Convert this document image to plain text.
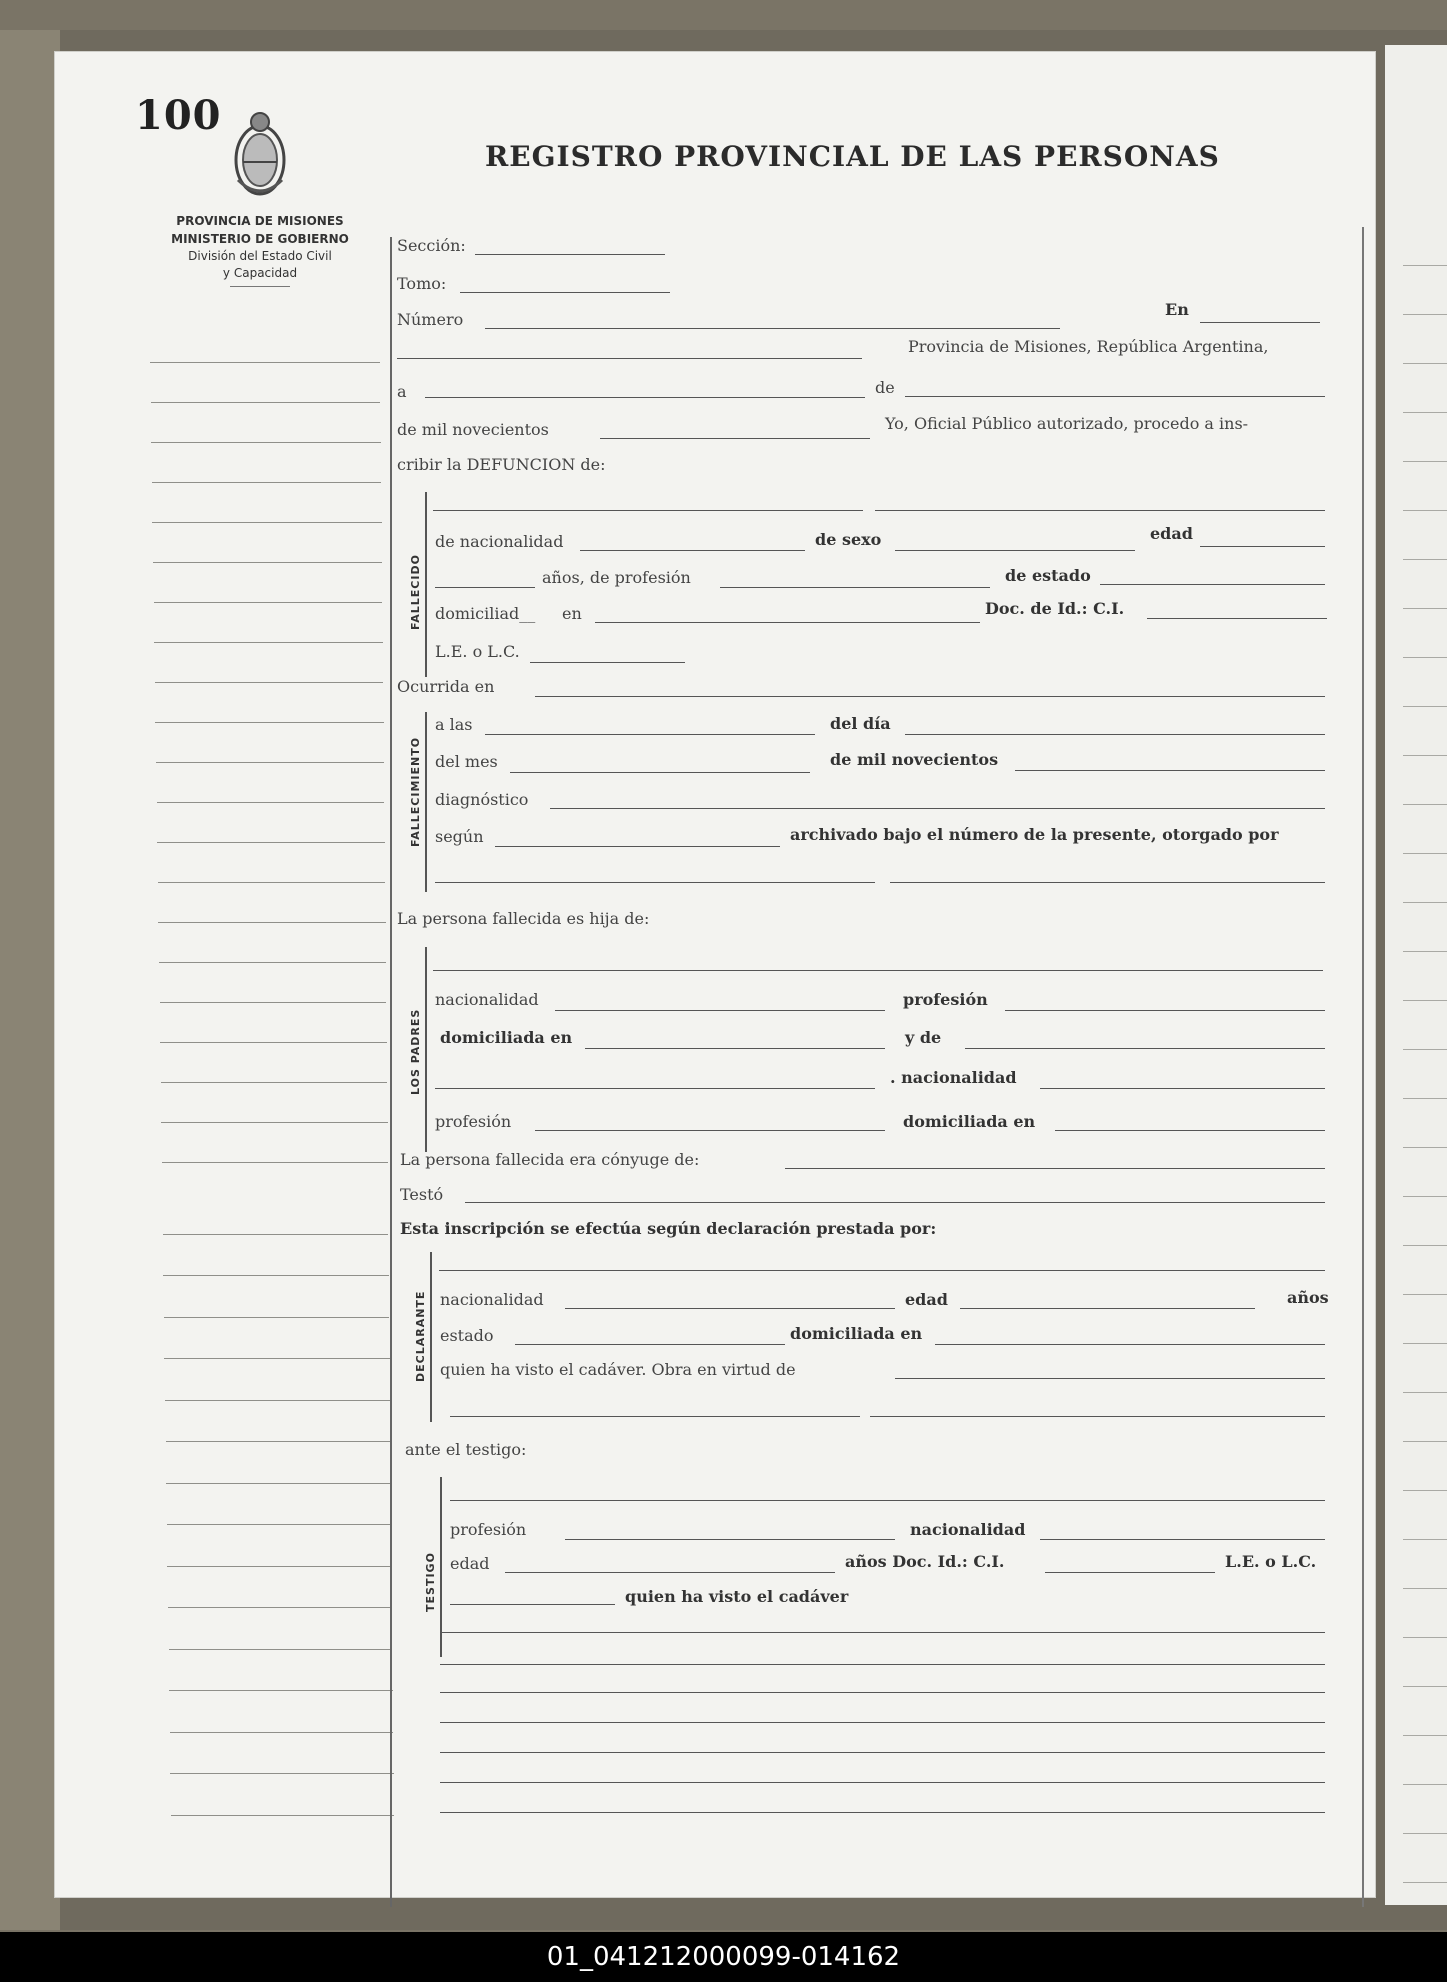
100
PROVINCIA DE MISIONES
MINISTERIO DE GOBIERNO
División del Estado Civil
y Capacidad
REGISTRO PROVINCIAL DE LAS PERSONAS
Sección:
Tomo:
Número
En
Provincia de Misiones, República Argentina,
a	de
de mil novecientos	Yo, Oficial Público autorizado, procedo a ins-
cribir la DEFUNCION de:
FALLECIDO
de nacionalidad	de sexo	edad
años, de profesión	de estado
domiciliad__ en	Doc. de Id.: C.I.
L.E. o L.C.
Ocurrida en
FALLECIMIENTO
a las	del día
del mes	de mil novecientos
diagnóstico
según	archivado bajo el número de la presente, otorgado por
La persona fallecida es hija de:
LOS PADRES
nacionalidad	profesión
domiciliada en	y de
. nacionalidad
profesión	domiciliada en
La persona fallecida era cónyuge de:
Testó
Esta inscripción se efectúa según declaración prestada por:
DECLARANTE nacionalidad	edad	años
estado	domiciliada en
quien ha visto el cadáver. Obra en virtud de
ante el testigo:
TESTIGO
profesión	nacionalidad
edad	años Doc. Id.: C.I.	L.E. o L.C.
quien ha visto el cadáver
01_041212000099-014162
